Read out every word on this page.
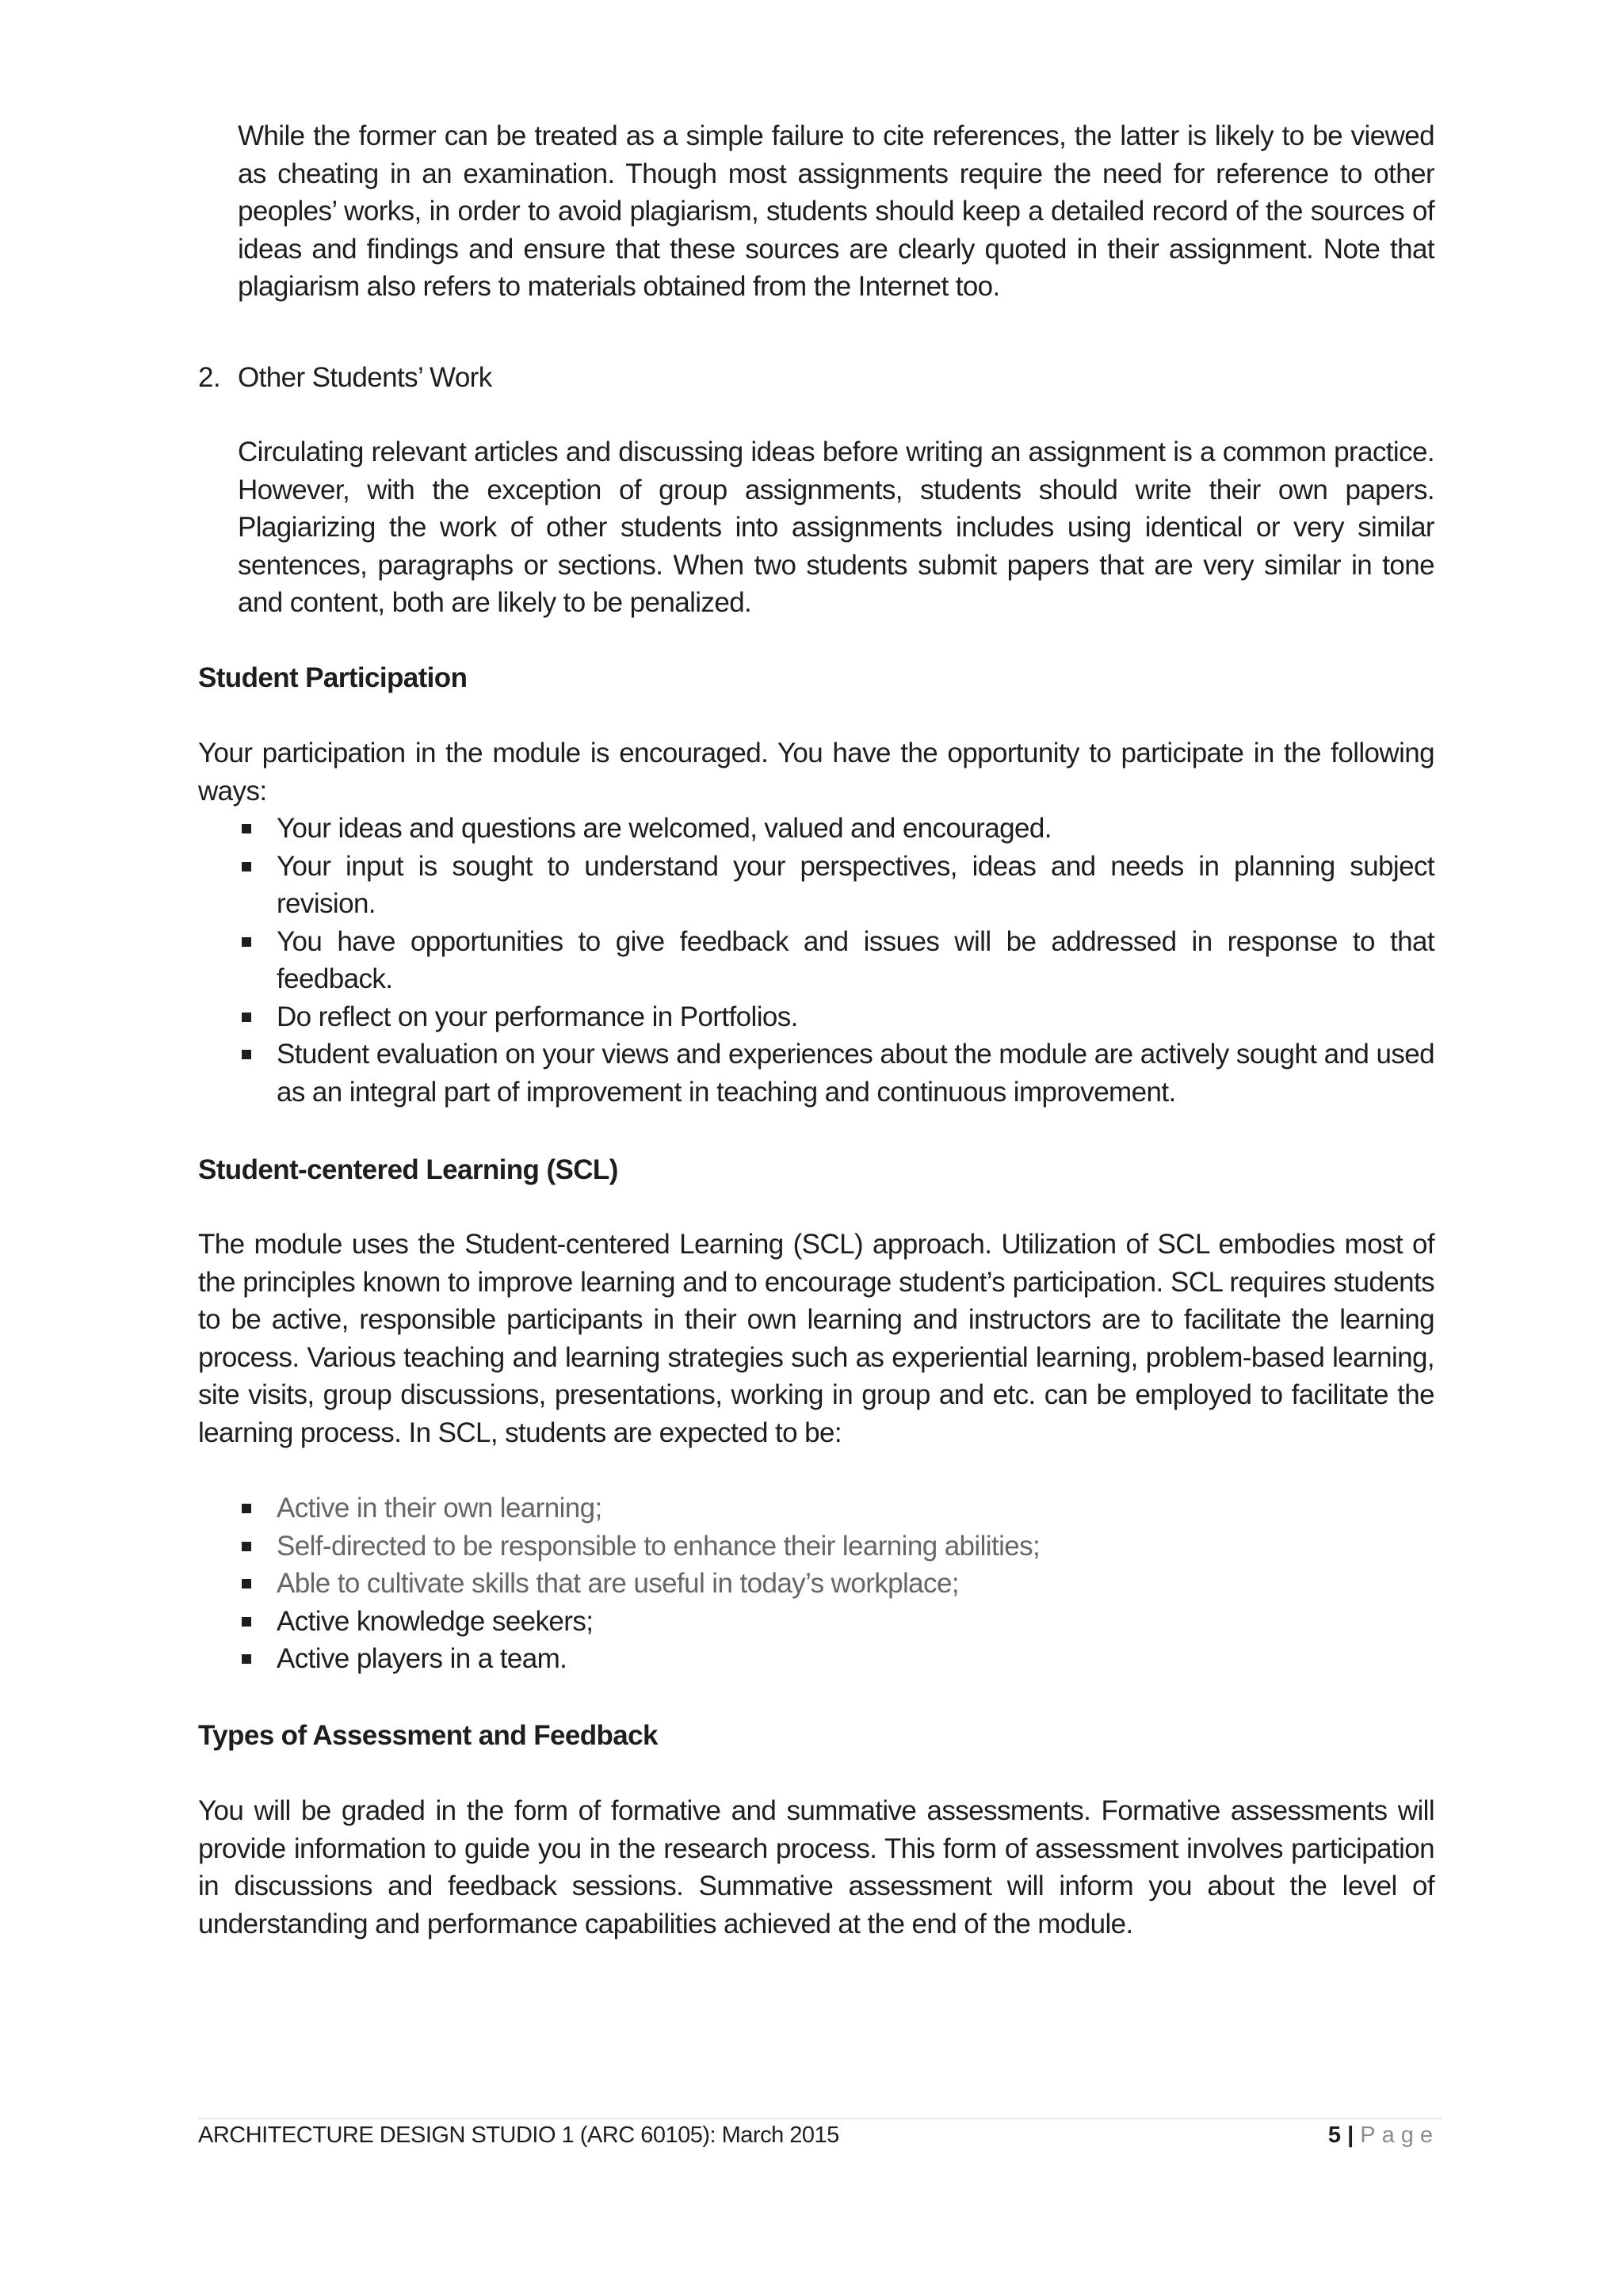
While the former can be treated as a simple failure to cite references, the latter is likely to be viewed as cheating in an examination. Though most assignments require the need for reference to other peoples’ works, in order to avoid plagiarism, students should keep a detailed record of the sources of ideas and findings and ensure that these sources are clearly quoted in their assignment. Note that plagiarism also refers to materials obtained from the Internet too.
2. Other Students’ Work
Circulating relevant articles and discussing ideas before writing an assignment is a common practice. However, with the exception of group assignments, students should write their own papers. Plagiarizing the work of other students into assignments includes using identical or very similar sentences, paragraphs or sections. When two students submit papers that are very similar in tone and content, both are likely to be penalized.
Student Participation
Your participation in the module is encouraged. You have the opportunity to participate in the following ways:
Your ideas and questions are welcomed, valued and encouraged.
Your input is sought to understand your perspectives, ideas and needs in planning subject revision.
You have opportunities to give feedback and issues will be addressed in response to that feedback.
Do reflect on your performance in Portfolios.
Student evaluation on your views and experiences about the module are actively sought and used as an integral part of improvement in teaching and continuous improvement.
Student-centered Learning (SCL)
The module uses the Student-centered Learning (SCL) approach. Utilization of SCL embodies most of the principles known to improve learning and to encourage student’s participation. SCL requires students to be active, responsible participants in their own learning and instructors are to facilitate the learning process. Various teaching and learning strategies such as experiential learning, problem-based learning, site visits, group discussions, presentations, working in group and etc. can be employed to facilitate the learning process. In SCL, students are expected to be:
Active in their own learning;
Self-directed to be responsible to enhance their learning abilities;
Able to cultivate skills that are useful in today’s workplace;
Active knowledge seekers;
Active players in a team.
Types of Assessment and Feedback
You will be graded in the form of formative and summative assessments. Formative assessments will provide information to guide you in the research process. This form of assessment involves participation in discussions and feedback sessions. Summative assessment will inform you about the level of understanding and performance capabilities achieved at the end of the module.
ARCHITECTURE DESIGN STUDIO 1 (ARC 60105): March 2015	5 | Page
